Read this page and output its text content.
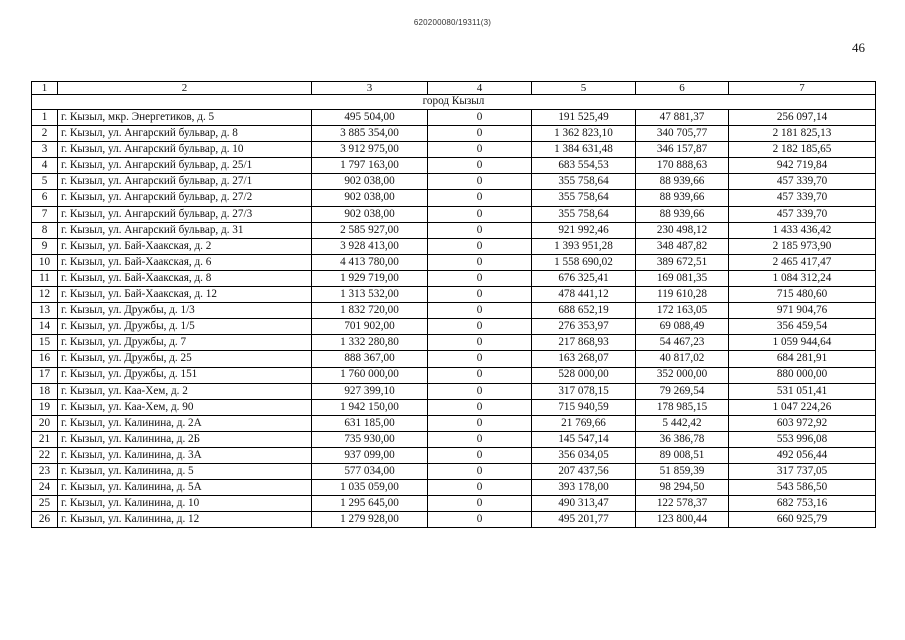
620200080/19311(3)
46
1	2	3	4	5	6	7
город Кызыл						
1	г. Кызыл, мкр. Энергетиков, д. 5	495 504,00	0	191 525,49	47 881,37	256 097,14
2	г. Кызыл, ул. Ангарский бульвар, д. 8	3 885 354,00	0	1 362 823,10	340 705,77	2 181 825,13
3	г. Кызыл, ул. Ангарский бульвар, д. 10	3 912 975,00	0	1 384 631,48	346 157,87	2 182 185,65
4	г. Кызыл, ул. Ангарский бульвар, д. 25/1	1 797 163,00	0	683 554,53	170 888,63	942 719,84
5	г. Кызыл, ул. Ангарский бульвар, д. 27/1	902 038,00	0	355 758,64	88 939,66	457 339,70
6	г. Кызыл, ул. Ангарский бульвар, д. 27/2	902 038,00	0	355 758,64	88 939,66	457 339,70
7	г. Кызыл, ул. Ангарский бульвар, д. 27/3	902 038,00	0	355 758,64	88 939,66	457 339,70
8	г. Кызыл, ул. Ангарский бульвар, д. 31	2 585 927,00	0	921 992,46	230 498,12	1 433 436,42
9	г. Кызыл, ул. Бай-Хаакская, д. 2	3 928 413,00	0	1 393 951,28	348 487,82	2 185 973,90
10	г. Кызыл, ул. Бай-Хаакская, д. 6	4 413 780,00	0	1 558 690,02	389 672,51	2 465 417,47
11	г. Кызыл, ул. Бай-Хаакская, д. 8	1 929 719,00	0	676 325,41	169 081,35	1 084 312,24
12	г. Кызыл, ул. Бай-Хаакская, д. 12	1 313 532,00	0	478 441,12	119 610,28	715 480,60
13	г. Кызыл, ул. Дружбы, д. 1/3	1 832 720,00	0	688 652,19	172 163,05	971 904,76
14	г. Кызыл, ул. Дружбы, д. 1/5	701 902,00	0	276 353,97	69 088,49	356 459,54
15	г. Кызыл, ул. Дружбы, д. 7	1 332 280,80	0	217 868,93	54 467,23	1 059 944,64
16	г. Кызыл, ул. Дружбы, д. 25	888 367,00	0	163 268,07	40 817,02	684 281,91
17	г. Кызыл, ул. Дружбы, д. 151	1 760 000,00	0	528 000,00	352 000,00	880 000,00
18	г. Кызыл, ул. Каа-Хем, д. 2	927 399,10	0	317 078,15	79 269,54	531 051,41
19	г. Кызыл, ул. Каа-Хем, д. 90	1 942 150,00	0	715 940,59	178 985,15	1 047 224,26
20	г. Кызыл, ул. Калинина, д. 2А	631 185,00	0	21 769,66	5 442,42	603 972,92
21	г. Кызыл, ул. Калинина, д. 2Б	735 930,00	0	145 547,14	36 386,78	553 996,08
22	г. Кызыл, ул. Калинина, д. 3А	937 099,00	0	356 034,05	89 008,51	492 056,44
23	г. Кызыл, ул. Калинина, д. 5	577 034,00	0	207 437,56	51 859,39	317 737,05
24	г. Кызыл, ул. Калинина, д. 5А	1 035 059,00	0	393 178,00	98 294,50	543 586,50
25	г. Кызыл, ул. Калинина, д. 10	1 295 645,00	0	490 313,47	122 578,37	682 753,16
26	г. Кызыл, ул. Калинина, д. 12	1 279 928,00	0	495 201,77	123 800,44	660 925,79
